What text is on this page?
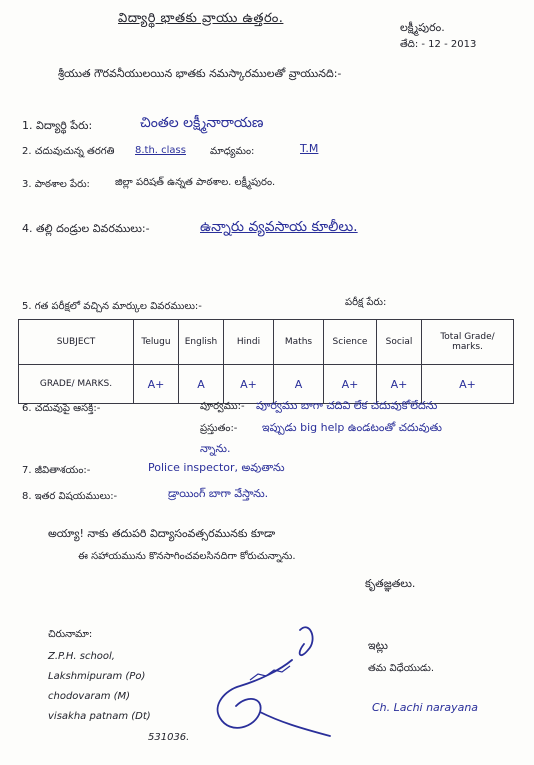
విద్యార్థి భాతకు వ్రాయు ఉత్తరం.
లక్ష్మీపురం.
తేది: - 12 - 2013
శ్రీయుత గౌరవనీయులయిన భాతకు నమస్కారములతో వ్రాయునది:-
1. విద్యార్థి పేరు:	చింతల లక్ష్మీనారాయణ
2. చదువుచున్న తరగతి 8.th. class మాధ్యమం:	T.M
3. పాఠశాల పేరు:	జిల్లా పరిషత్ ఉన్నత పాఠశాల. లక్ష్మీపురం.
4. తల్లి దండ్రుల వివరములు:-	ఉన్నారు వ్యవసాయ కూలీలు.
5. గత పరీక్షలో వచ్చిన మార్కుల వివరములు:-	పరీక్ష పేరు:
SUBJECT	Telugu	English	Hindi	Maths	Science	Social	Total Grade/ marks.
GRADE/ MARKS.	A+	A	A+	A	A+	A+	A+
6. చదువుపై ఆసక్తి:-	పూర్వము:- పూర్వము బాగా చదివి లేక చదువుకోలేదను
ప్రస్తుతం:- ఇప్పుడు big help ఉండటంతో చదువుతు
న్నాను.
7. జీవితాశయం:-	Police inspector, అవుతాను
8. ఇతర విషయములు:-	డ్రాయింగ్ బాగా వేస్తాను.
అయ్యా! నాకు తదుపరి విద్యాసంవత్సరమునకు కూడా
ఈ సహాయమును కొనసాగించవలసినదిగా కోరుచున్నాను.
కృతజ్ఞతలు.
చిరునామా:
Z.P.H. school,
Lakshmipuram (Po)
chodovaram (M)
visakha patnam (Dt)
531036.
ఇట్లు
తమ విధేయుడు.
Ch. Lachi narayana
